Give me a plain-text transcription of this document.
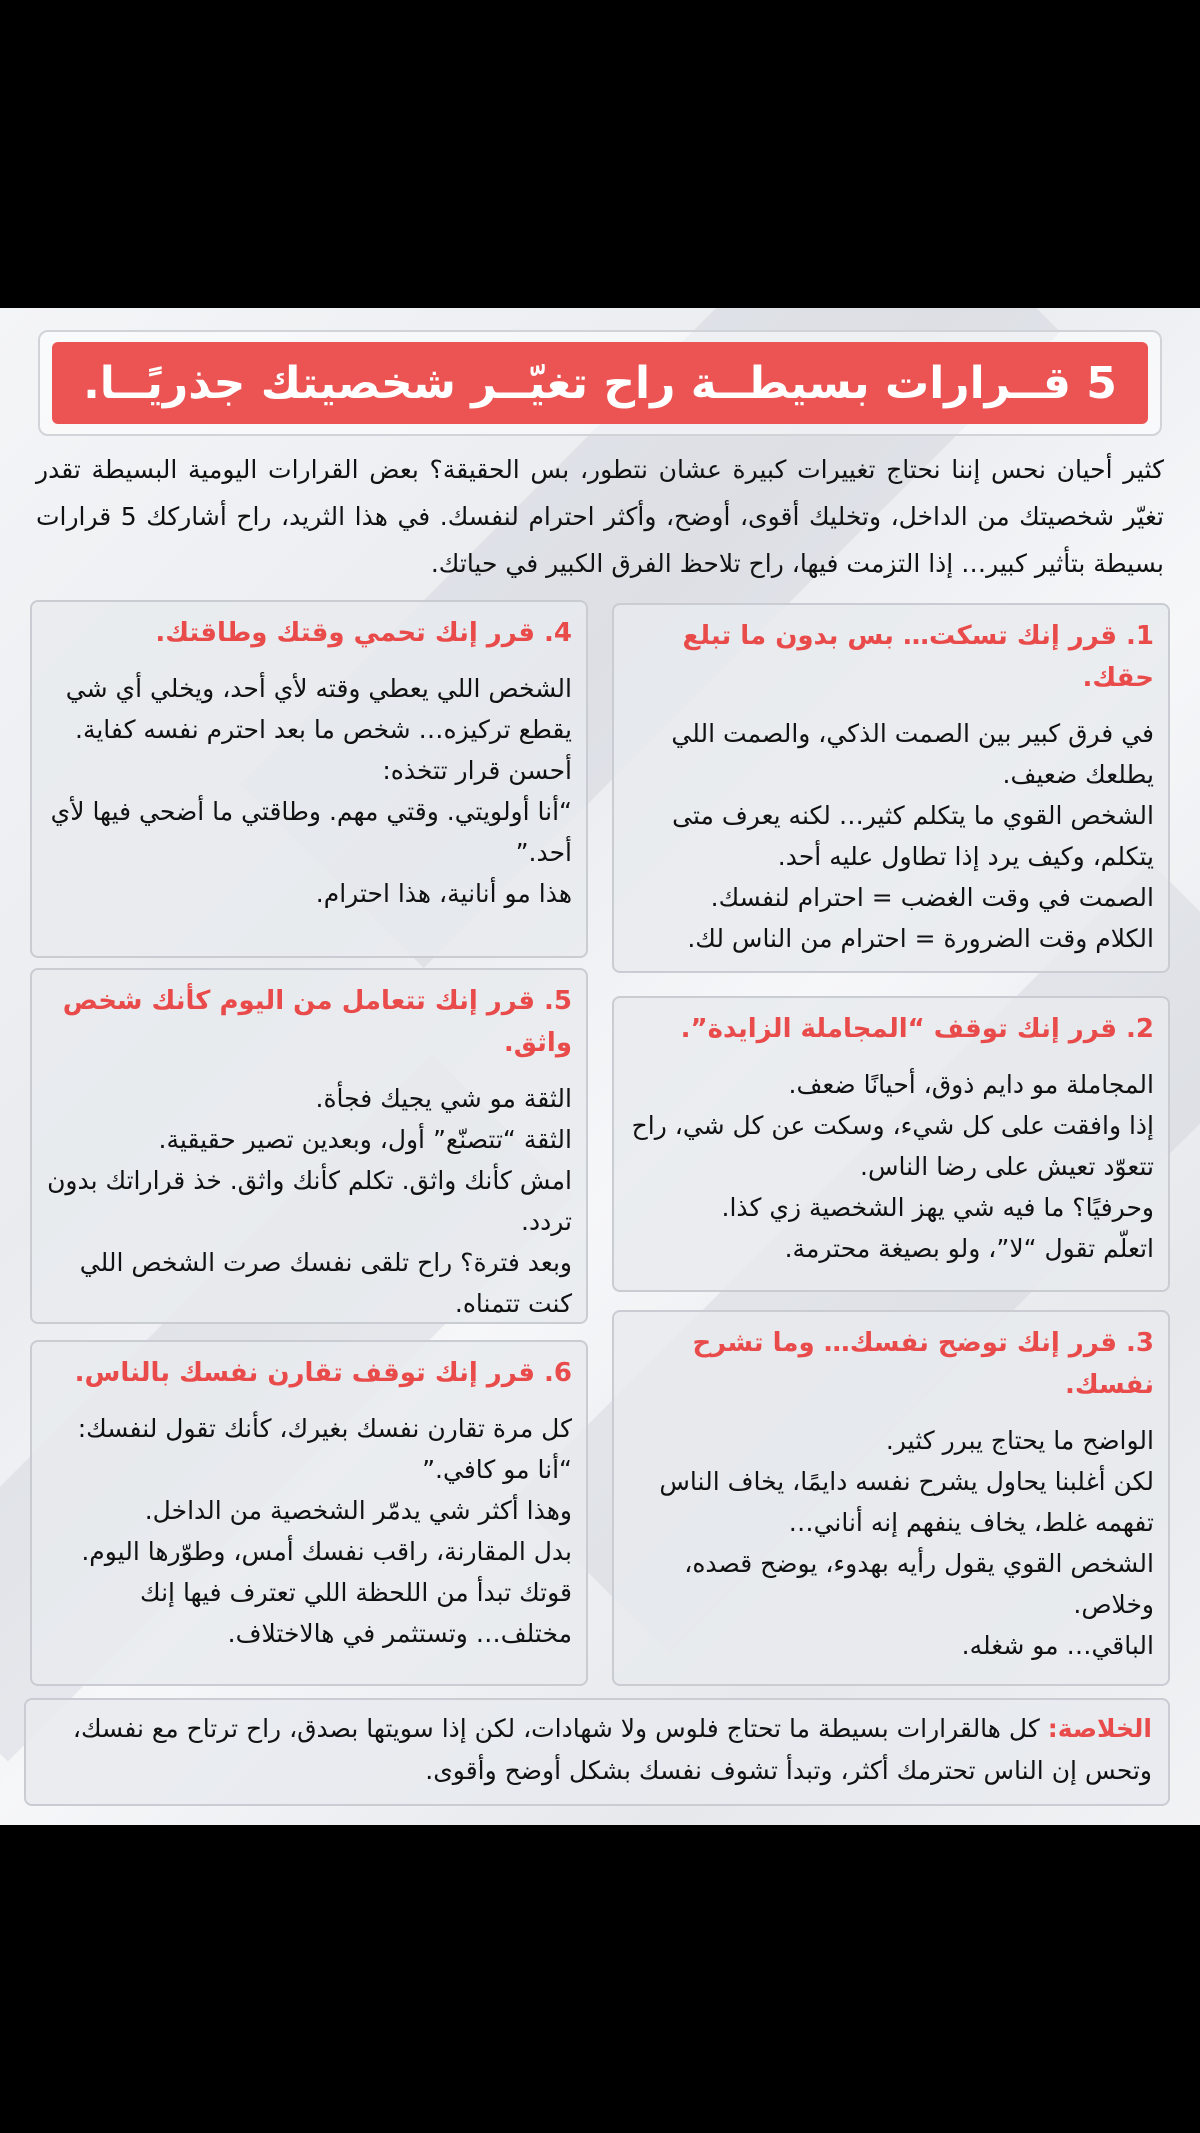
5 قــرارات بسيطــة راح تغيّــر شخصيتك جذريًــا.
كثير أحيان نحس إننا نحتاج تغييرات كبيرة عشان نتطور، بس الحقيقة؟ بعض القرارات اليومية البسيطة تقدر تغيّر شخصيتك من الداخل، وتخليك أقوى، أوضح، وأكثر احترام لنفسك. في هذا الثريد، راح أشاركك 5 قرارات بسيطة بتأثير كبير… إذا التزمت فيها، راح تلاحظ الفرق الكبير في حياتك.

1. قرر إنك تسكت… بس بدون ما تبلع حقك.

في فرق كبير بين الصمت الذكي، والصمت اللي يطلعك ضعيف.

الشخص القوي ما يتكلم كثير… لكنه يعرف متى يتكلم، وكيف يرد إذا تطاول عليه أحد.

الصمت في وقت الغضب = احترام لنفسك.

الكلام وقت الضرورة = احترام من الناس لك.

2. قرر إنك توقف “المجاملة الزايدة”.

المجاملة مو دايم ذوق، أحيانًا ضعف.

إذا وافقت على كل شيء، وسكت عن كل شي، راح تتعوّد تعيش على رضا الناس.

وحرفيًا؟ ما فيه شي يهز الشخصية زي كذا.

اتعلّم تقول “لا”، ولو بصيغة محترمة.

3. قرر إنك توضح نفسك… وما تشرح نفسك.

الواضح ما يحتاج يبرر كثير.

لكن أغلبنا يحاول يشرح نفسه دايمًا، يخاف الناس تفهمه غلط، يخاف ينفهم إنه أناني…

الشخص القوي يقول رأيه بهدوء، يوضح قصده، وخلاص.

الباقي… مو شغله.

4. قرر إنك تحمي وقتك وطاقتك.

الشخص اللي يعطي وقته لأي أحد، ويخلي أي شي يقطع تركيزه… شخص ما بعد احترم نفسه كفاية.

أحسن قرار تتخذه:

“أنا أولويتي. وقتي مهم. وطاقتي ما أضحي فيها لأي أحد.”

هذا مو أنانية، هذا احترام.

5. قرر إنك تتعامل من اليوم كأنك شخص واثق.

الثقة مو شي يجيك فجأة.

الثقة “تتصنّع” أول، وبعدين تصير حقيقية.

امش كأنك واثق. تكلم كأنك واثق. خذ قراراتك بدون تردد.

وبعد فترة؟ راح تلقى نفسك صرت الشخص اللي كنت تتمناه.

6. قرر إنك توقف تقارن نفسك بالناس.

كل مرة تقارن نفسك بغيرك، كأنك تقول لنفسك: “أنا مو كافي.”

وهذا أكثر شي يدمّر الشخصية من الداخل.

بدل المقارنة، راقب نفسك أمس، وطوّرها اليوم.

قوتك تبدأ من اللحظة اللي تعترف فيها إنك مختلف… وتستثمر في هالاختلاف.

الخلاصة: كل هالقرارات بسيطة ما تحتاج فلوس ولا شهادات، لكن إذا سويتها بصدق، راح ترتاح مع نفسك، وتحس إن الناس تحترمك أكثر، وتبدأ تشوف نفسك بشكل أوضح وأقوى.
